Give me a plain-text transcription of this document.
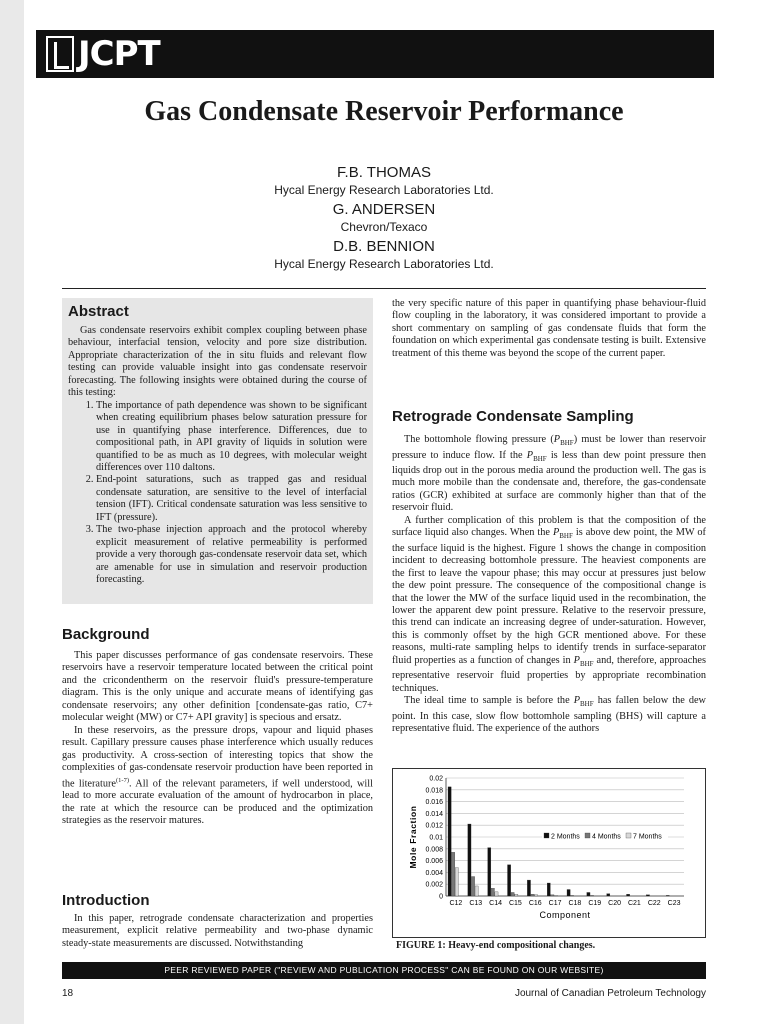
JCPT
Gas Condensate Reservoir Performance
F.B. THOMAS
Hycal Energy Research Laboratories Ltd.
G. ANDERSEN
Chevron/Texaco
D.B. BENNION
Hycal Energy Research Laboratories Ltd.
Abstract

Gas condensate reservoirs exhibit complex coupling between phase behaviour, interfacial tension, velocity and pore size distribution. Appropriate characterization of the in situ fluids and relevant flow testing can provide valuable insight into gas condensate reservoir forecasting. The following insights were obtained during the course of this testing:

1. The importance of path dependence was shown to be significant when creating equilibrium phases below saturation pressure for use in quantifying phase interference. Differences, due to compositional path, in API gravity of liquids in solution were quantified to be as much as 10 degrees, with molecular weight differences over 110 daltons.
2. End-point saturations, such as trapped gas and residual condensate saturation, are sensitive to the level of interfacial tension (IFT). Critical condensate saturation was less sensitive to IFT (pressure).
3. The two-phase injection approach and the protocol whereby explicit measurement of relative permeability is performed provide a very thorough gas-condensate reservoir data set, which are amenable for use in simulation and reservoir production forecasting.
Background

This paper discusses performance of gas condensate reservoirs. These reservoirs have a reservoir temperature located between the critical point and the cricondentherm on the reservoir fluid's pressure-temperature diagram. This is the only unique and accurate means of identifying gas condensate reservoirs; any other definition [condensate-gas ratio, C7+ molecular weight (MW) or C7+ API gravity] is specious and ersatz.

In these reservoirs, as the pressure drops, vapour and liquid phases result. Capillary pressure causes phase interference which usually reduces gas productivity. A cross-section of interesting topics that show the complexities of gas-condensate reservoir production have been reported in the literature$^{(1-7)}$. All of the relevant parameters, if well understood, will lead to more accurate evaluation of the amount of hydrocarbon in place, the rate at which the resource can be produced and the optimization strategies as the reservoir matures.

Introduction

In this paper, retrograde condensate characterization and properties measurement, explicit relative permeability and two-phase dynamic steady-state measurements are discussed. Notwithstanding

the very specific nature of this paper in quantifying phase behaviour-fluid flow coupling in the laboratory, it was considered important to provide a short commentary on sampling of gas condensate fluids that form the foundation on which experimental gas condensate testing is built. Extensive treatment of this theme was beyond the scope of the current paper.

Retrograde Condensate Sampling

The bottomhole flowing pressure $(P_{BHF})$ must be lower than reservoir pressure to induce flow. If the $P_{BHF}$ is less than dew point pressure then liquids drop out in the porous media around the production well. The gas is much more mobile than the condensate and, therefore, the gas-condensate ratios (GCR) exhibited at surface are commonly higher than that of the reservoir fluid.

A further complication of this problem is that the composition of the surface liquid also changes. When the $P_{BHF}$ is above dew point, the MW of the surface liquid is the highest. Figure 1 shows the change in composition incident to decreasing bottomhole pressure. The heaviest components are the first to leave the vapour phase; this may occur at pressures just below the dew point pressure. The consequence of the compositional change is that the lower the MW of the surface liquid used in the recombination, the lower the apparent dew point pressure. Relative to the reservoir pressure, this trend can indicate an increasing degree of under-saturation. However, this is commonly offset by the high GCR mentioned above. For these reasons, multi-rate sampling helps to identify trends in surface-separator fluid properties as a function of changes in $P_{BHF}$ and, therefore, approaches representative reservoir fluid properties by appropriate recombination techniques.

The ideal time to sample is before the $P_{BHF}$ has fallen below the dew point. In this case, slow flow bottomhole sampling (BHS) will capture a representative fluid. The experience of the authors

0
0.002
0.004
0.006
0.008
0.01
0.012
0.014
0.016
0.018
0.02
C12 C13 C14 C15 C16 C17 C18 C19 C20 C21 C22 C23
Component
Mole Fraction	2 Months 4 Months 7 Months
FIGURE 1: Heavy-end compositional changes.
PEER REVIEWED PAPER ("REVIEW AND PUBLICATION PROCESS" CAN BE FOUND ON OUR WEBSITE)
18	Journal of Canadian Petroleum Technology
